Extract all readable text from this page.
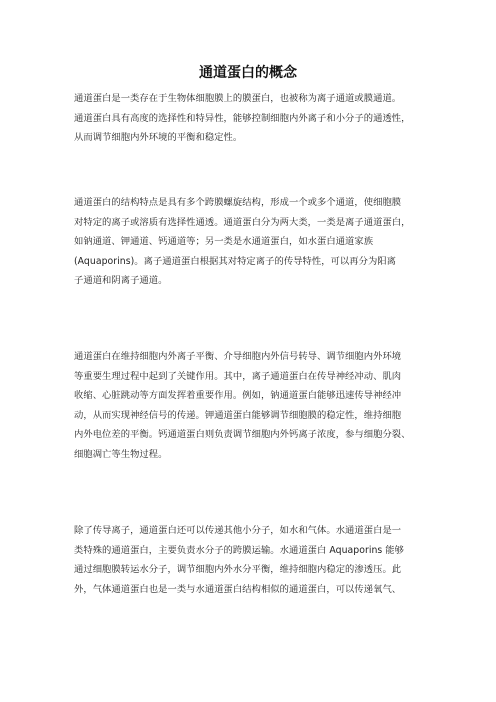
通道蛋白的概念
通道蛋白是一类存在于生物体细胞膜上的膜蛋白，也被称为离子通道或膜通道。
通道蛋白具有高度的选择性和特异性，能够控制细胞内外离子和小分子的通透性，
从而调节细胞内外环境的平衡和稳定性。
通道蛋白的结构特点是具有多个跨膜螺旋结构，形成一个或多个通道，使细胞膜
对特定的离子或溶质有选择性通透。通道蛋白分为两大类，一类是离子通道蛋白，
如钠通道、钾通道、钙通道等；另一类是水通道蛋白，如水蛋白通道家族
(Aquaporins)。离子通道蛋白根据其对特定离子的传导特性，可以再分为阳离
子通道和阴离子通道。
通道蛋白在维持细胞内外离子平衡、介导细胞内外信号转导、调节细胞内外环境
等重要生理过程中起到了关键作用。其中，离子通道蛋白在传导神经冲动、肌肉
收缩、心脏跳动等方面发挥着重要作用。例如，钠通道蛋白能够迅速传导神经冲
动，从而实现神经信号的传递。钾通道蛋白能够调节细胞膜的稳定性，维持细胞
内外电位差的平衡。钙通道蛋白则负责调节细胞内外钙离子浓度，参与细胞分裂、
细胞凋亡等生物过程。
除了传导离子，通道蛋白还可以传递其他小分子，如水和气体。水通道蛋白是一
类特殊的通道蛋白，主要负责水分子的跨膜运输。水通道蛋白 Aquaporins 能够
通过细胞膜转运水分子，调节细胞内外水分平衡，维持细胞内稳定的渗透压。此
外，气体通道蛋白也是一类与水通道蛋白结构相似的通道蛋白，可以传递氧气、
